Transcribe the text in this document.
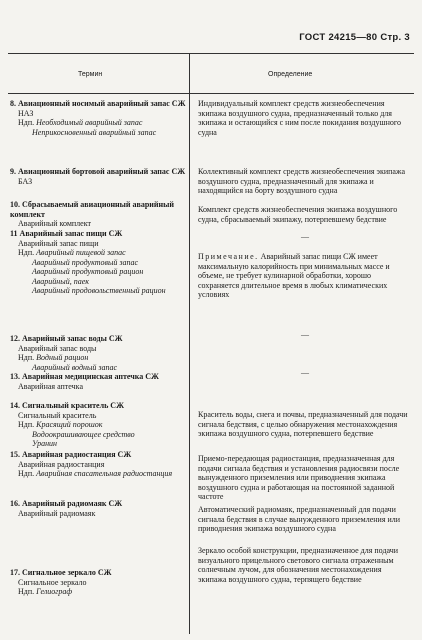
ГОСТ 24215—80 Стр. 3
Термин	Определение

8. Авиационный носимый аварийный запас СЖ

НАЗ

Ндп. Необходимый аварийный запас

Неприкосновенный аварийный запас

9. Авиационный бортовой аварийный запас СЖ

БАЗ

10. Сбрасываемый авиационный аварийный комплект

Аварийный комплект

11 Аварийный запас пищи СЖ

Аварийный запас пищи

Ндп. Аварийный пищевой запас

Аварийный продуктовый запас

Аварийный продуктовый рацион

Аварийный, паек

Аварийный продовольственный рацион

12. Аварийный запас воды СЖ

Аварийный запас воды

Ндп. Водный рацион

Аварийный водный запас

13. Аварийная медицинская аптечка СЖ

Аварийная аптечка

14. Сигнальный краситель СЖ

Сигнальный краситель

Ндп. Красящий порошок

Водоокрашивающее средство

Уранин

15. Аварийная радиостанция СЖ

Аварийная радиостанция

Ндп. Аварийная спасательная радиостанция

16. Аварийный радиомаяк СЖ

Аварийный радиомаяк

17. Сигнальное зеркало СЖ

Сигнальное зеркало

Ндп. Гелиограф

Индивидуальный комплект средств жизнеобеспечения экипажа воздушного судна, предназначенный только для экипажа и остающийся с ним после покидания воздушного судна
Коллективный комплект средств жизнеобеспечения экипажа воздушного судна, предназначенный для экипажа и находящийся на борту воздушного судна
Комплект средств жизнеобеспечения экипажа воздушного судна, сбрасываемый экипажу, потерпевшему бедствие
—
Примечание. Аварийный запас пищи СЖ имеет максимальную калорийность при минимальных массе и объеме, не требует кулинарной обработки, хорошо сохраняется длительное время в любых климатических условиях
—
—
Краситель воды, снега и почвы, предназначенный для подачи сигнала бедствия, с целью обнаружения местонахождения экипажа воздушного судна, потерпевшего бедствие
Приемо-передающая радиостанция, предназначенная для подачи сигнала бедствия и установления радиосвязи после вынужденного приземления или приводнения экипажа воздушного судна и работающая на постоянной заданной частоте
Автоматический радиомаяк, предназначенный для подачи сигнала бедствия в случае вынужденного приземления или приводнения экипажа воздушного судна
Зеркало особой конструкции, предназначенное для подачи визуального прицельного светового сигнала отраженным солнечным лучом, для обозначения местонахождения экипажа воздушного судна, терпящего бедствие
